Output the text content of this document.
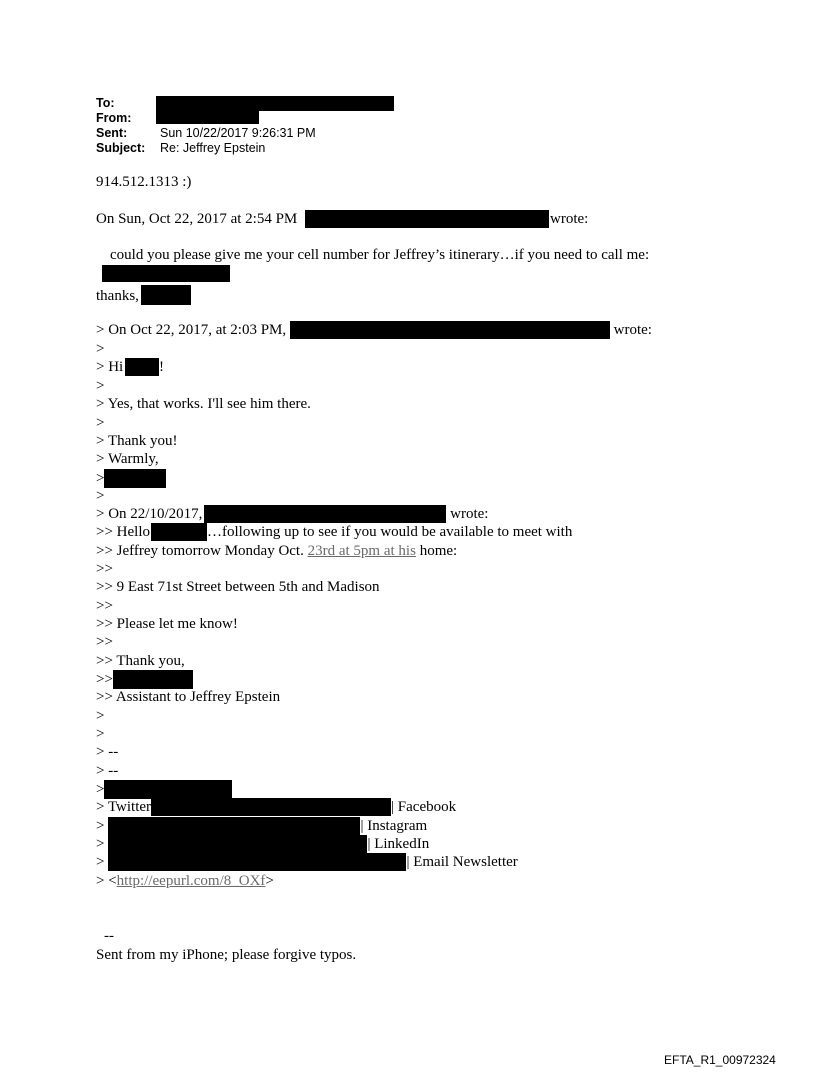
To:
From:
Sent:	Sun 10/22/2017 9:26:31 PM
Subject:	Re: Jeffrey Epstein
914.512.1313 :)
On Sun, Oct 22, 2017 at 2:54 PM	wrote:
could you please give me your cell number for Jeffrey’s itinerary…if you need to call me:
thanks,
> On Oct 22, 2017, at 2:03 PM,	wrote:
>
> Hi !
>
> Yes, that works. I'll see him there.
>
> Thank you!
> Warmly,
>
>
> On 22/10/2017,	wrote:
>> Hello	…following up to see if you would be available to meet with
>> Jeffrey tomorrow Monday Oct. 23rd at 5pm at his home:
>>
>> 9 East 71st Street between 5th and Madison
>>
>> Please let me know!
>>
>> Thank you,
>>
>> Assistant to Jeffrey Epstein
>
>
> --
> --
>
> Twitter	| Facebook
>	| Instagram
>	| LinkedIn
>	| Email Newsletter
> <http://eepurl.com/8_OXf>
--
Sent from my iPhone; please forgive typos.
EFTA_R1_00972324
